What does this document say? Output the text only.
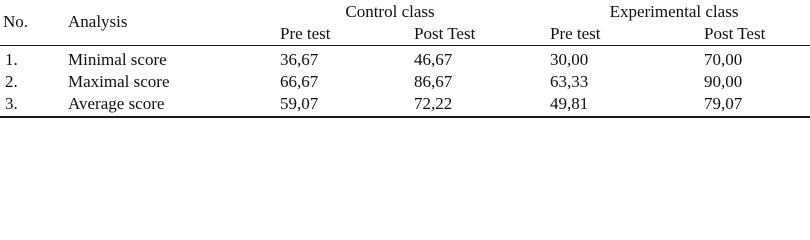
No. Analysis
Control class	Experimental class
Pre test	Post Test	Pre test	Post Test
1.	Minimal score	36,67	46,67	30,00	70,00
2.	Maximal score	66,67	86,67	63,33	90,00
3.	Average score	59,07	72,22	49,81	79,07
